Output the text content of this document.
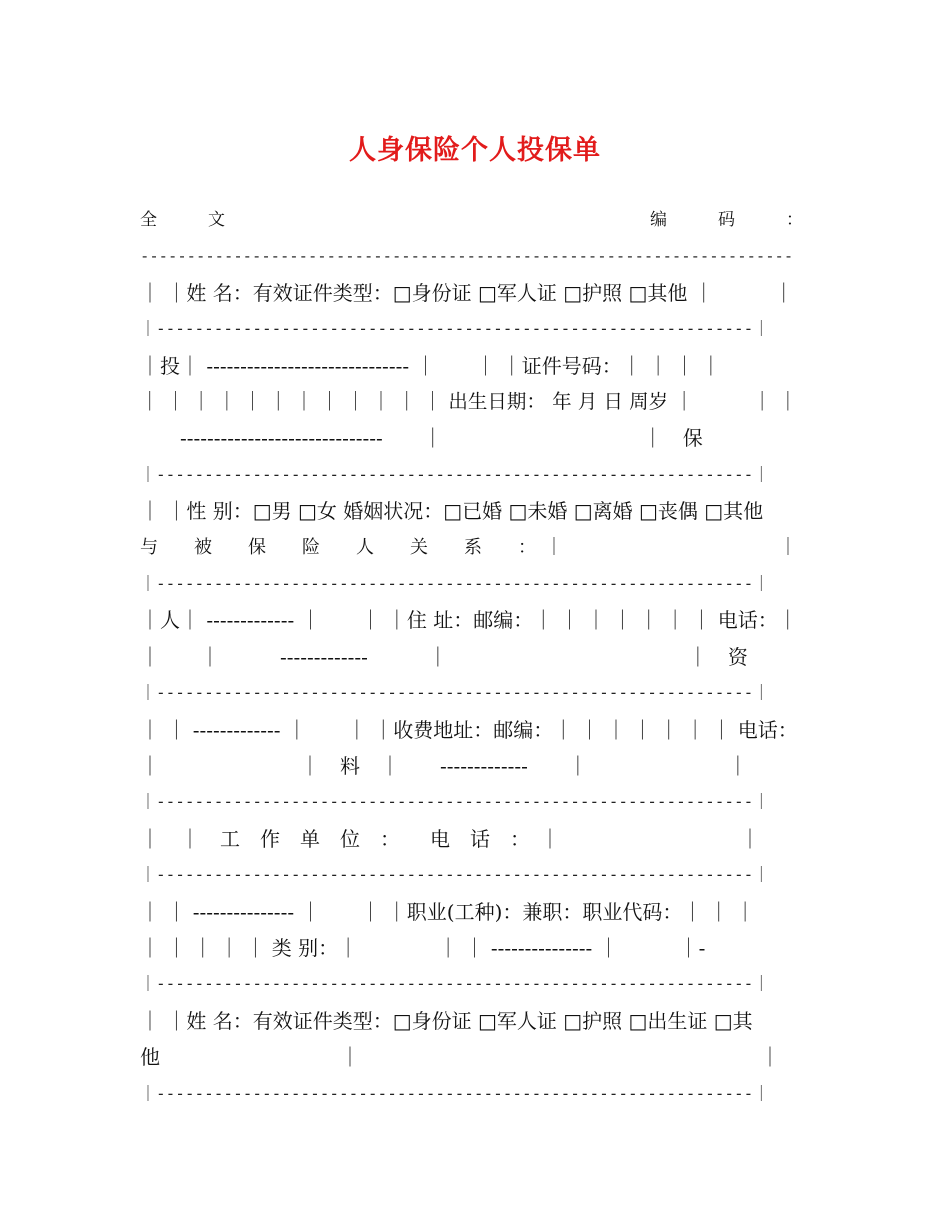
人身保险个人投保单
全　　　文　　　　　　　　　　　　　　　　　　　　　　　　　编　　　码　　　：
----------------------------------------------------------------------
｜ ｜姓 名：有效证件类型：□身份证 □军人证 □护照 □其他 ｜　　　｜
｜--------------------------------------------------------------｜
｜投｜ ------------------------------ ｜　　｜ ｜证件号码：｜ ｜ ｜ ｜
｜ ｜ ｜ ｜ ｜ ｜ ｜ ｜ ｜ ｜ ｜ ｜ 出生日期： 年 月 日 周岁 ｜　　　｜ ｜
　　------------------------------　　｜　　　　　　　　　　｜　保
｜--------------------------------------------------------------｜
｜ ｜性 别：□男 □女 婚姻状况：□已婚 □未婚 □离婚 □丧偶 □其他
与　　被　　保　　险　　人　　关　　系　　：　｜　　　　　　　　　　　　｜
｜--------------------------------------------------------------｜
｜人｜ ------------- ｜　　｜ ｜住 址：邮编：｜ ｜ ｜ ｜ ｜ ｜ ｜ 电话：｜
｜　　｜　　　-------------　　　｜　　　　　　　　　　　　｜　资
｜--------------------------------------------------------------｜
｜ ｜ ------------- ｜　　｜ ｜收费地址：邮编：｜ ｜ ｜ ｜ ｜ ｜ ｜ 电话：
｜　　　　　　　｜　料　｜　　-------------　　｜　　　　　　　｜
｜--------------------------------------------------------------｜
｜　｜　工　作　单　位　：　　电　话　：　｜　　　　　　　　　｜
｜--------------------------------------------------------------｜
｜ ｜ --------------- ｜　　｜ ｜职业(工种)：兼职：职业代码：｜ ｜ ｜
｜ ｜ ｜ ｜ ｜ 类 别：｜　　　　｜ ｜ --------------- ｜　　　｜-
｜--------------------------------------------------------------｜
｜ ｜姓 名：有效证件类型：□身份证 □军人证 □护照 □出生证 □其
他　　　　　　　　　｜　　　　　　　　　　　　　　　　　　　　｜
｜--------------------------------------------------------------｜
